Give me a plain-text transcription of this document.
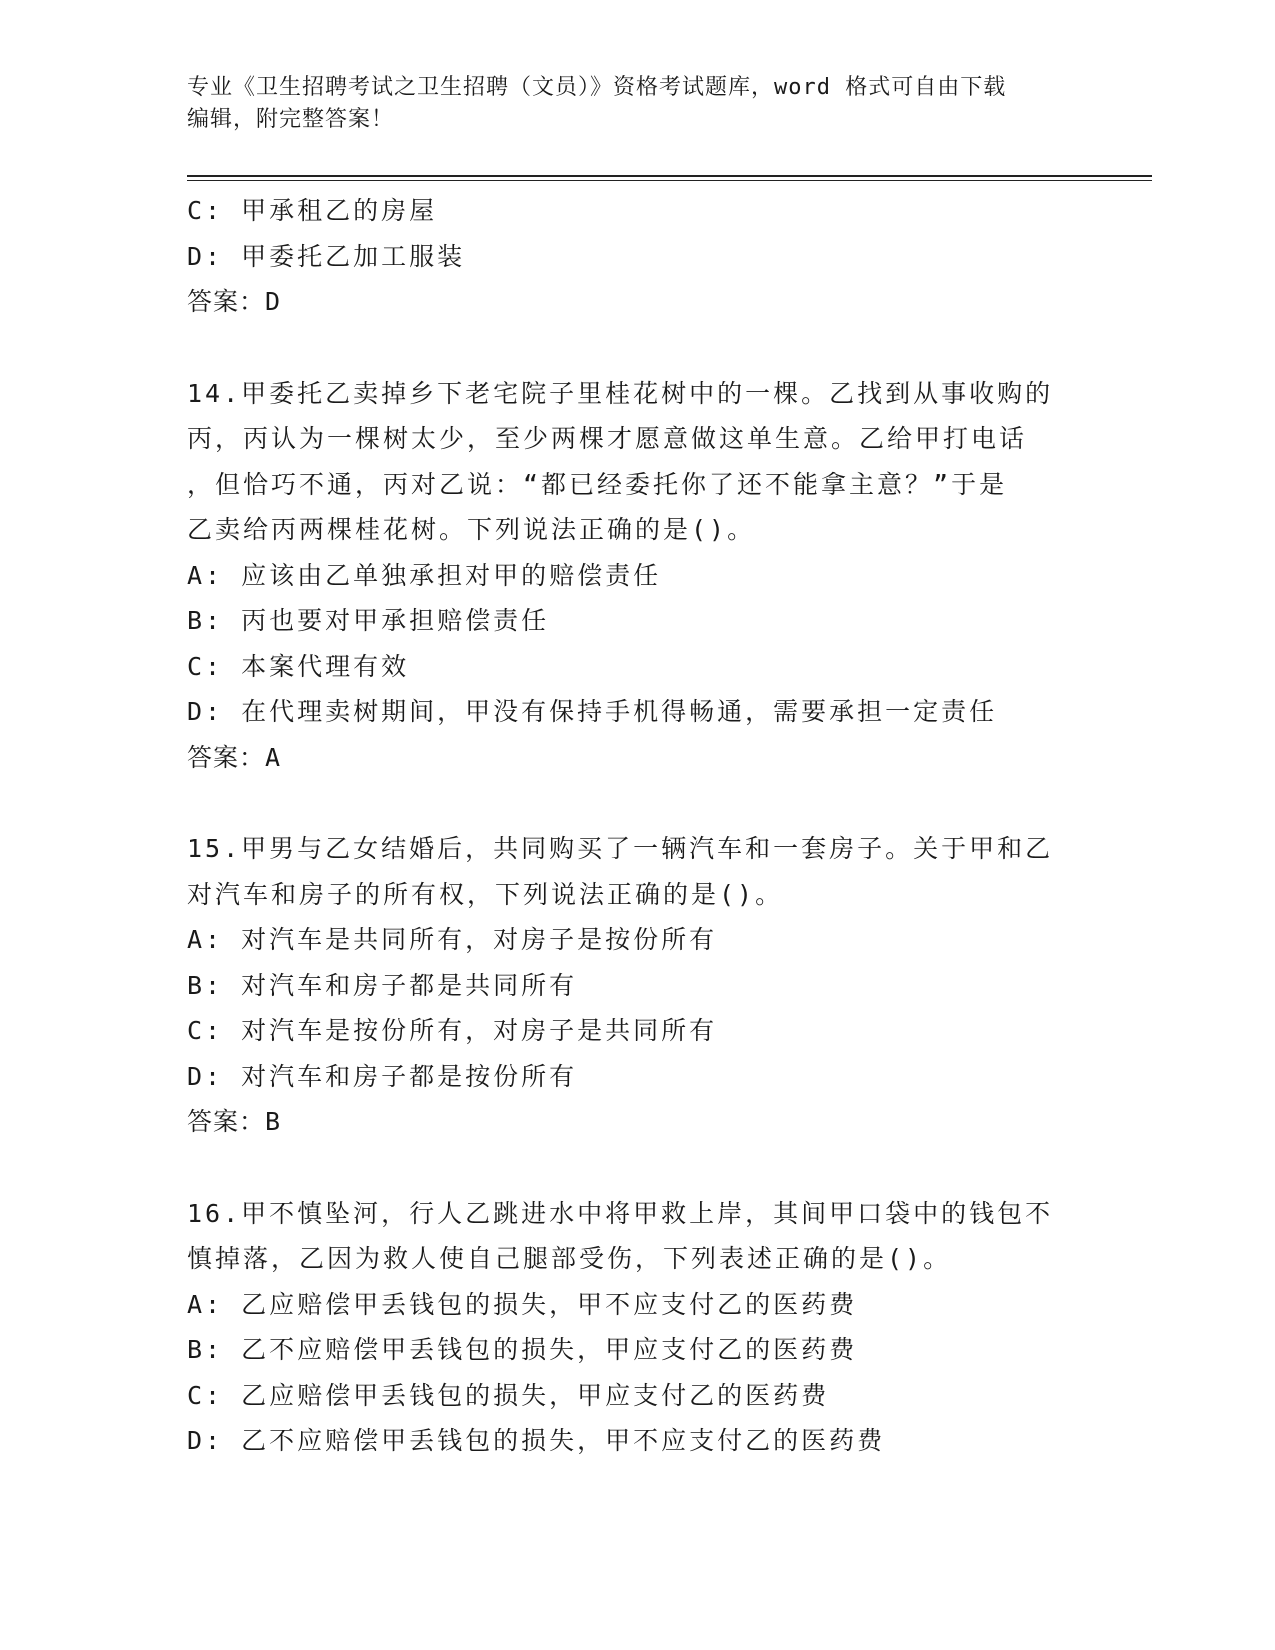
专业《卫生招聘考试之卫生招聘（文员）》资格考试题库，word 格式可自由下载
编辑，附完整答案！
C: 甲承租乙的房屋
D: 甲委托乙加工服装
答案：D
14.甲委托乙卖掉乡下老宅院子里桂花树中的一棵。乙找到从事收购的
丙，丙认为一棵树太少，至少两棵才愿意做这单生意。乙给甲打电话
，但恰巧不通，丙对乙说：“都已经委托你了还不能拿主意？”于是
乙卖给丙两棵桂花树。下列说法正确的是()。
A: 应该由乙单独承担对甲的赔偿责任
B: 丙也要对甲承担赔偿责任
C: 本案代理有效
D: 在代理卖树期间，甲没有保持手机得畅通，需要承担一定责任
答案：A
15.甲男与乙女结婚后，共同购买了一辆汽车和一套房子。关于甲和乙
对汽车和房子的所有权，下列说法正确的是()。
A: 对汽车是共同所有，对房子是按份所有
B: 对汽车和房子都是共同所有
C: 对汽车是按份所有，对房子是共同所有
D: 对汽车和房子都是按份所有
答案：B
16.甲不慎坠河，行人乙跳进水中将甲救上岸，其间甲口袋中的钱包不
慎掉落，乙因为救人使自己腿部受伤，下列表述正确的是()。
A: 乙应赔偿甲丢钱包的损失，甲不应支付乙的医药费
B: 乙不应赔偿甲丢钱包的损失，甲应支付乙的医药费
C: 乙应赔偿甲丢钱包的损失，甲应支付乙的医药费
D: 乙不应赔偿甲丢钱包的损失，甲不应支付乙的医药费
